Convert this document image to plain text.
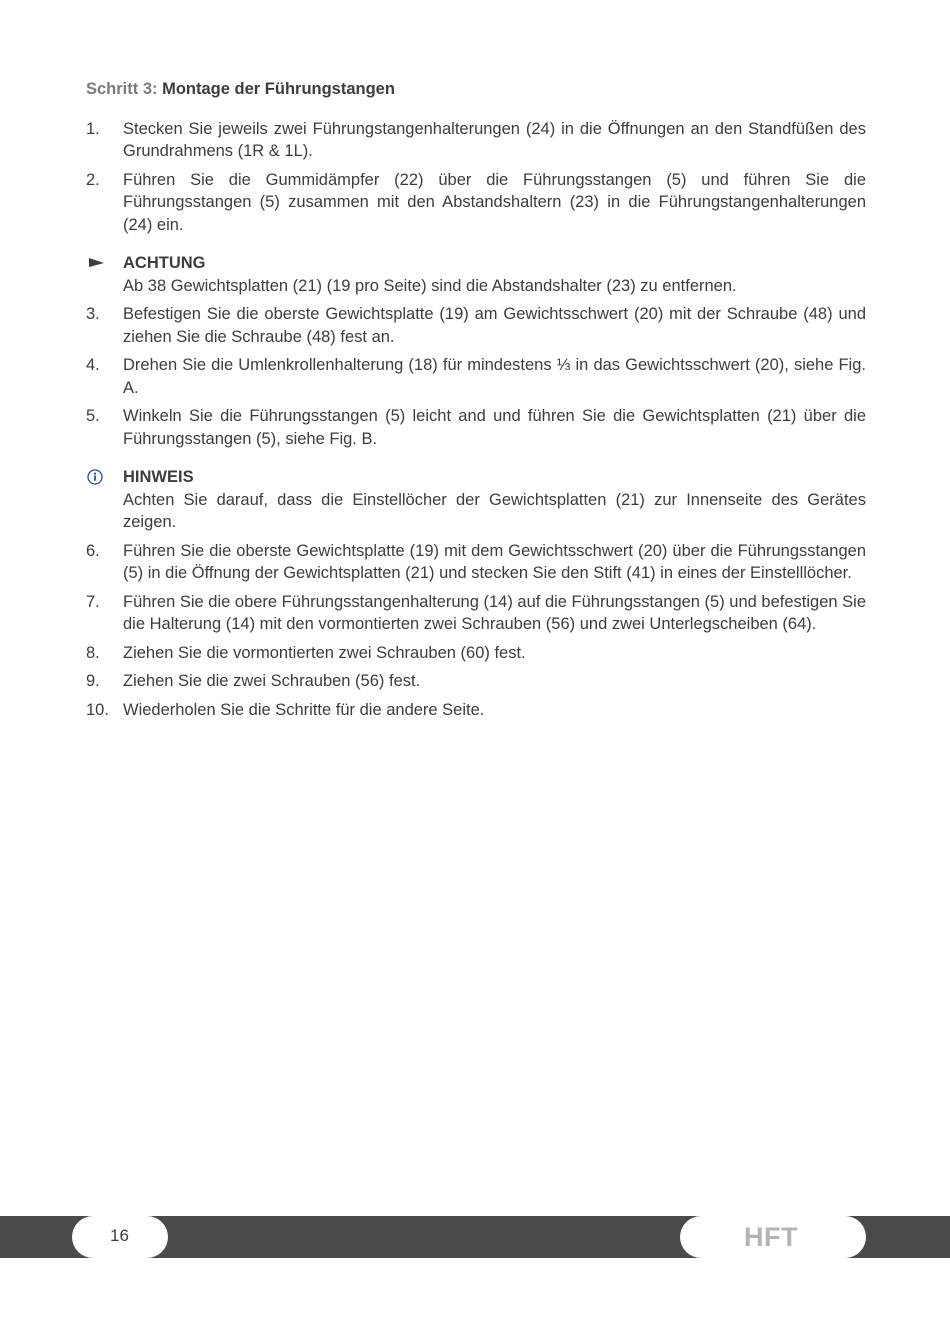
Schritt 3: Montage der Führungstangen
1. Stecken Sie jeweils zwei Führungstangenhalterungen (24) in die Öffnungen an den Standfüßen des Grundrahmens (1R & 1L).
2. Führen Sie die Gummidämpfer (22) über die Führungsstangen (5) und führen Sie die Führungsstangen (5) zusammen mit den Abstandshaltern (23) in die Führungstangenhalterungen (24) ein.
ACHTUNG
Ab 38 Gewichtsplatten (21) (19 pro Seite) sind die Abstandshalter (23) zu entfernen.
3. Befestigen Sie die oberste Gewichtsplatte (19) am Gewichtsschwert (20) mit der Schraube (48) und ziehen Sie die Schraube (48) fest an.
4. Drehen Sie die Umlenkrollenhalterung (18) für mindestens ⅓ in das Gewichtsschwert (20), siehe Fig. A.
5. Winkeln Sie die Führungsstangen (5) leicht and und führen Sie die Gewichtsplatten (21) über die Führungsstangen (5), siehe Fig. B.
HINWEIS
Achten Sie darauf, dass die Einstellöcher der Gewichtsplatten (21) zur Innenseite des Gerätes zeigen.
6. Führen Sie die oberste Gewichtsplatte (19) mit dem Gewichtsschwert (20) über die Führungsstangen (5) in die Öffnung der Gewichtsplatten (21) und stecken Sie den Stift (41) in eines der Einstelllöcher.
7. Führen Sie die obere Führungsstangenhalterung (14) auf die Führungsstangen (5) und befestigen Sie die Halterung (14) mit den vormontierten zwei Schrauben (56) und zwei Unterlegscheiben (64).
8. Ziehen Sie die vormontierten zwei Schrauben (60) fest.
9. Ziehen Sie die zwei Schrauben (56) fest.
10. Wiederholen Sie die Schritte für die andere Seite.
16	HFT
